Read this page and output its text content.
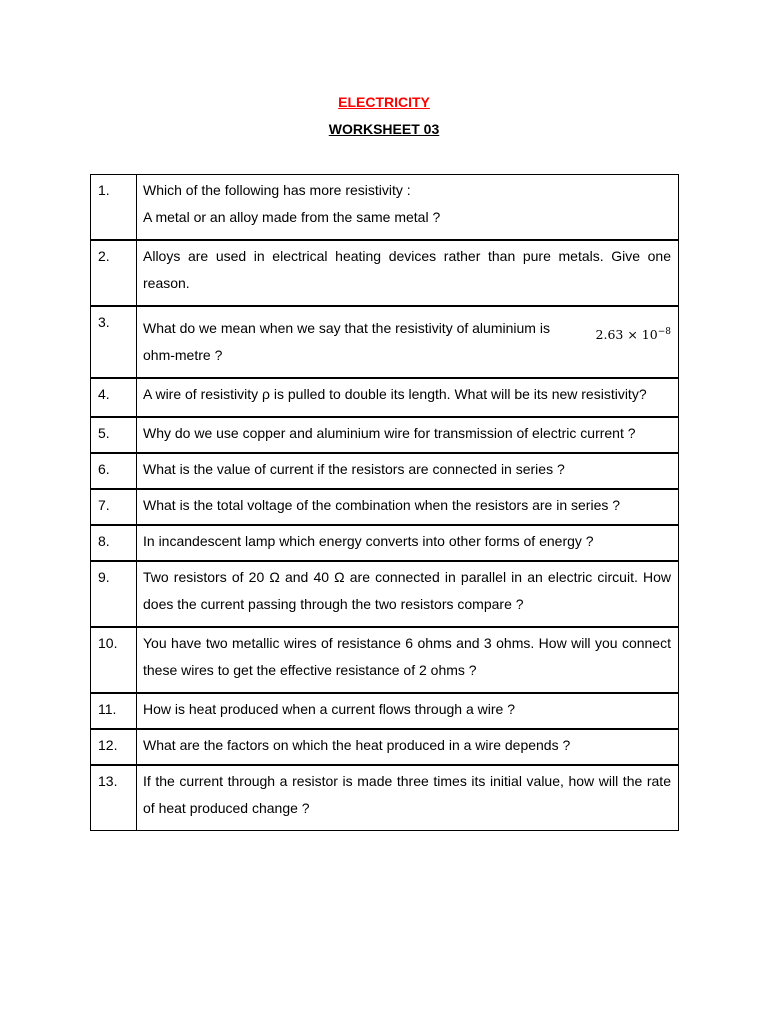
ELECTRICITY
WORKSHEET 03
1.	Which of the following has more resistivity :
A metal or an alloy made from the same metal ?

2.	Alloys are used in electrical heating devices rather than pure metals. Give one reason.
3.	$2.63 \times 10^{-8}$
What do we mean when we say that the resistivity of aluminium is
ohm-metre ?

4.	A wire of resistivity ρ is pulled to double its length. What will be its new resistivity?
5.	Why do we use copper and aluminium wire for transmission of electric current ?
6.	What is the value of current if the resistors are connected in series ?
7.	What is the total voltage of the combination when the resistors are in series ?
8.	In incandescent lamp which energy converts into other forms of energy ?
9.	Two resistors of 20 Ω and 40 Ω are connected in parallel in an electric circuit. How does the current passing through the two resistors compare ?
10.	You have two metallic wires of resistance 6 ohms and 3 ohms. How will you connect these wires to get the effective resistance of 2 ohms ?
11.	How is heat produced when a current flows through a wire ?
12.	What are the factors on which the heat produced in a wire depends ?
13.	If the current through a resistor is made three times its initial value, how will the rate of heat produced change ?
